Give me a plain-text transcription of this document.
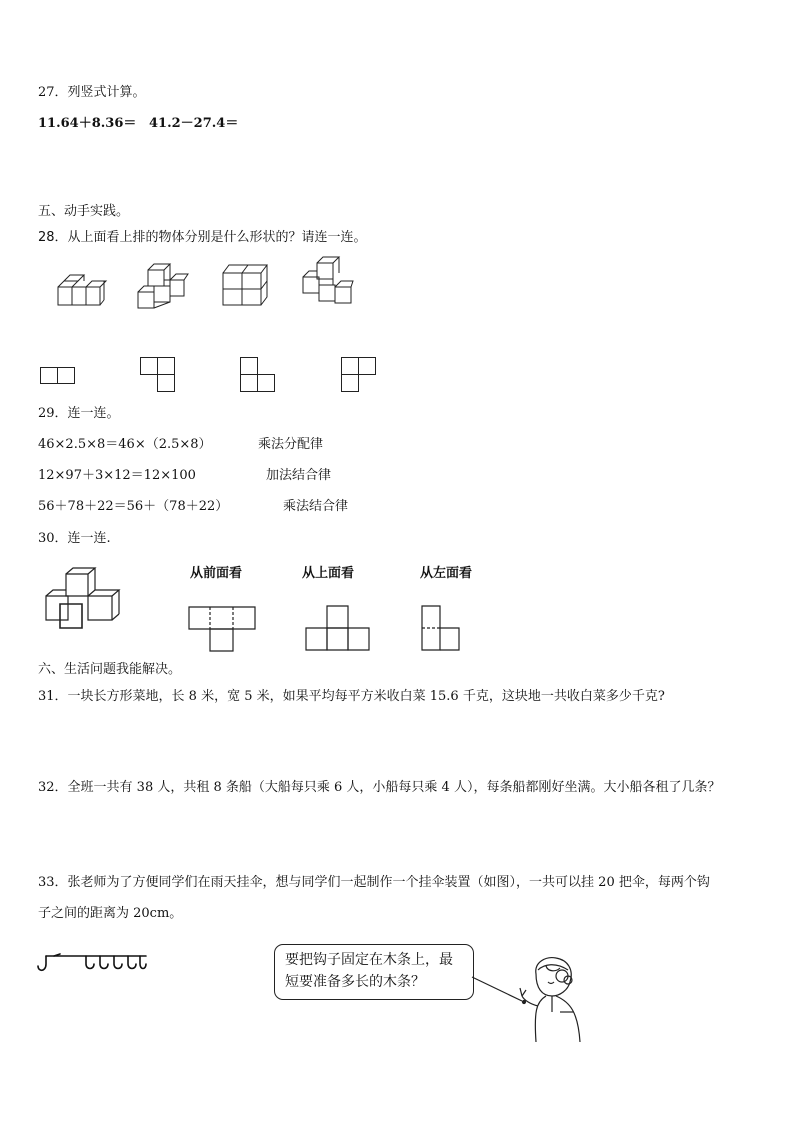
27．列竖式计算。
11.64＋8.36＝ 41.2－27.4＝
五、动手实践。
28．从上面看上排的物体分别是什么形状的？请连一连。
29．连一连。
46×2.5×8＝46×（2.5×8）	乘法分配律
12×97＋3×12＝12×100	加法结合律
56＋78＋22＝56＋（78＋22）	乘法结合律
30．连一连.
从前面看	从上面看	从左面看
六、生活问题我能解决。
31．一块长方形菜地，长 8 米，宽 5 米，如果平均每平方米收白菜 15.6 千克，这块地一共收白菜多少千克?
32．全班一共有 38 人，共租 8 条船（大船每只乘 6 人，小船每只乘 4 人），每条船都刚好坐满。大小船各租了几条？
33．张老师为了方便同学们在雨天挂伞，想与同学们一起制作一个挂伞装置（如图），一共可以挂 20 把伞，每两个钩
子之间的距离为 20cm。
要把钩子固定在木条上，最短要准备多长的木条？
